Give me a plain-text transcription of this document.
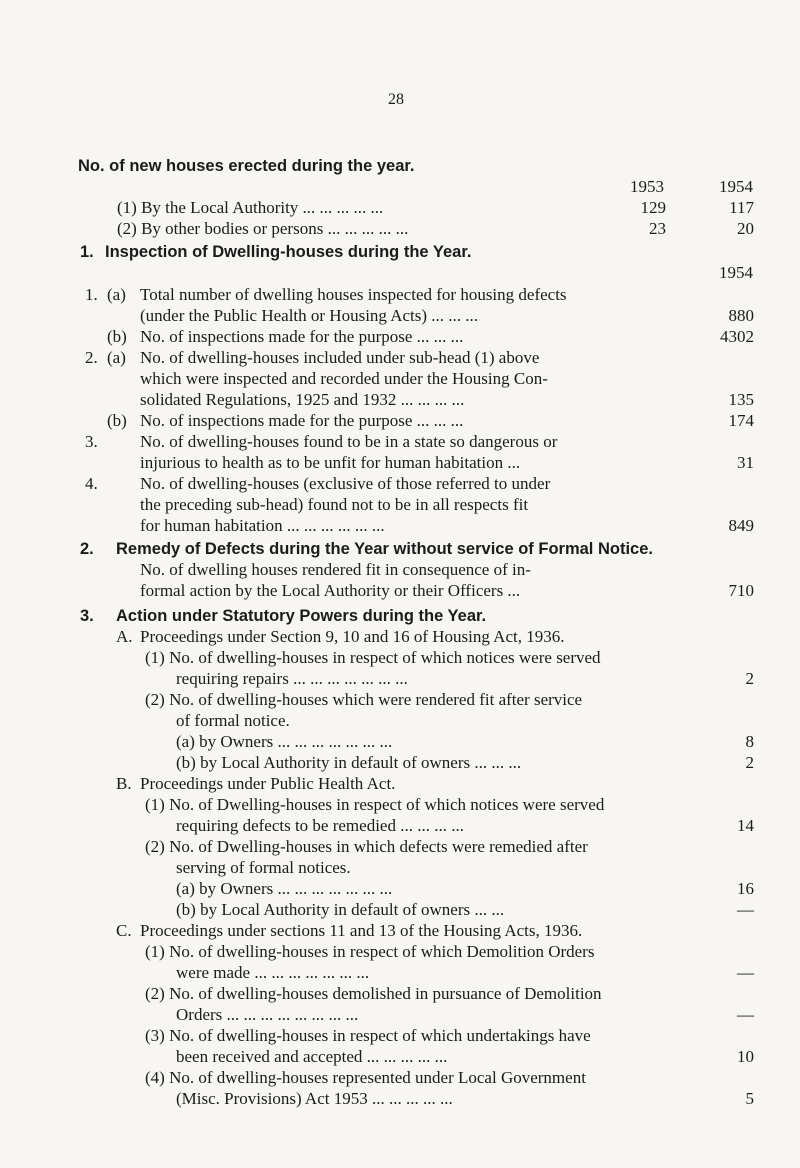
28
No. of new houses erected during the year.
1953	1954
(1) By the Local Authority ... ... ... ... ...	129	117
(2) By other bodies or persons ... ... ... ... ...	23	20
1. Inspection of Dwelling-houses during the Year.
1954
1. (a) Total number of dwelling houses inspected for housing defects
(under the Public Health or Housing Acts) ... ... ...	880
(b) No. of inspections made for the purpose ... ... ...	4302
2. (a) No. of dwelling-houses included under sub-head (1) above
which were inspected and recorded under the Housing Con-
solidated Regulations, 1925 and 1932 ... ... ... ...	135
(b) No. of inspections made for the purpose ... ... ...	174
3. No. of dwelling-houses found to be in a state so dangerous or
injurious to health as to be unfit for human habitation ...	31
4. No. of dwelling-houses (exclusive of those referred to under
the preceding sub-head) found not to be in all respects fit
for human habitation ... ... ... ... ... ...	849
2. Remedy of Defects during the Year without service of Formal Notice.
No. of dwelling houses rendered fit in consequence of in-
formal action by the Local Authority or their Officers ...	710
3. Action under Statutory Powers during the Year.
A. Proceedings under Section 9, 10 and 16 of Housing Act, 1936.
(1) No. of dwelling-houses in respect of which notices were served
requiring repairs ... ... ... ... ... ... ...	2
(2) No. of dwelling-houses which were rendered fit after service
of formal notice.
(a) by Owners ... ... ... ... ... ... ...	8
(b) by Local Authority in default of owners ... ... ...	2
B. Proceedings under Public Health Act.
(1) No. of Dwelling-houses in respect of which notices were served
requiring defects to be remedied ... ... ... ...	14
(2) No. of Dwelling-houses in which defects were remedied after
serving of formal notices.
(a) by Owners ... ... ... ... ... ... ...	16
(b) by Local Authority in default of owners ... ...	—
C. Proceedings under sections 11 and 13 of the Housing Acts, 1936.
(1) No. of dwelling-houses in respect of which Demolition Orders
were made ... ... ... ... ... ... ...	—
(2) No. of dwelling-houses demolished in pursuance of Demolition
Orders ... ... ... ... ... ... ... ...	—
(3) No. of dwelling-houses in respect of which undertakings have
been received and accepted ... ... ... ... ...	10
(4) No. of dwelling-houses represented under Local Government
(Misc. Provisions) Act 1953 ... ... ... ... ...	5
